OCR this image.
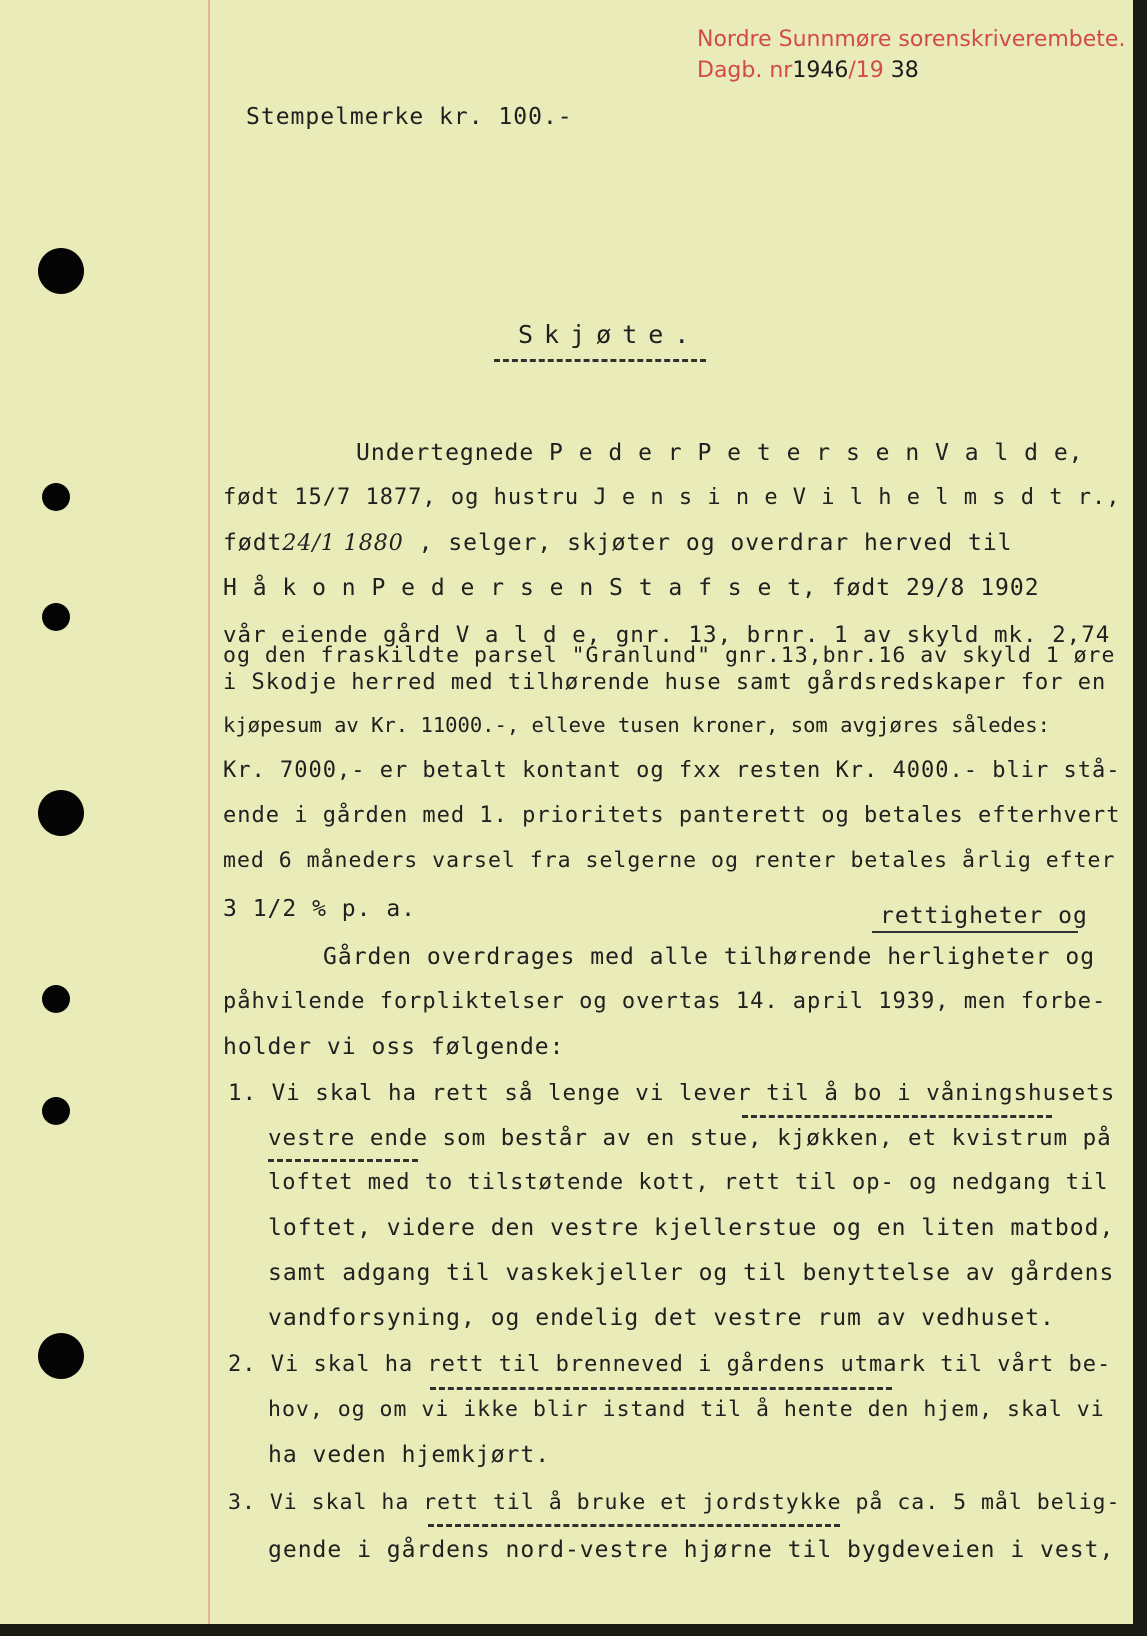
Nordre Sunnmøre sorenskriverembete.
Dagb. nr1946/19 38
Stempelmerke kr. 100.-
Skjøte.
Undertegnede P e d e r P e t e r s e n V a l d e,
født 15/7 1877, og hustru J e n s i n e V i l h e l m s d t r.,
født24/1 1880 , selger, skjøter og overdrar herved til
H å k o n P e d e r s e n S t a f s e t, født 29/8 1902
vår eiende gård V a l d e, gnr. 13, brnr. 1 av skyld mk. 2,74
og den fraskildte parsel "Granlund" gnr.13,bnr.16 av skyld 1 øre
i Skodje herred med tilhørende huse samt gårdsredskaper for en
kjøpesum av Kr. 11000.-, elleve tusen kroner, som avgjøres således:
Kr. 7000,- er betalt kontant og fxx resten Kr. 4000.- blir stå-
ende i gården med 1. prioritets panterett og betales efterhvert
med 6 måneders varsel fra selgerne og renter betales årlig efter
3 1/2 % p. a.	rettigheter og
Gården overdrages med alle tilhørende herligheter og
påhvilende forpliktelser og overtas 14. april 1939, men forbe-
holder vi oss følgende:
1. Vi skal ha rett så lenge vi lever til å bo i våningshusets
vestre ende som består av en stue, kjøkken, et kvistrum på
loftet med to tilstøtende kott, rett til op- og nedgang til
loftet, videre den vestre kjellerstue og en liten matbod,
samt adgang til vaskekjeller og til benyttelse av gårdens
vandforsyning, og endelig det vestre rum av vedhuset.
2. Vi skal ha rett til brenneved i gårdens utmark til vårt be-
hov, og om vi ikke blir istand til å hente den hjem, skal vi
ha veden hjemkjørt.
3. Vi skal ha rett til å bruke et jordstykke på ca. 5 mål belig-
gende i gårdens nord-vestre hjørne til bygdeveien i vest,
